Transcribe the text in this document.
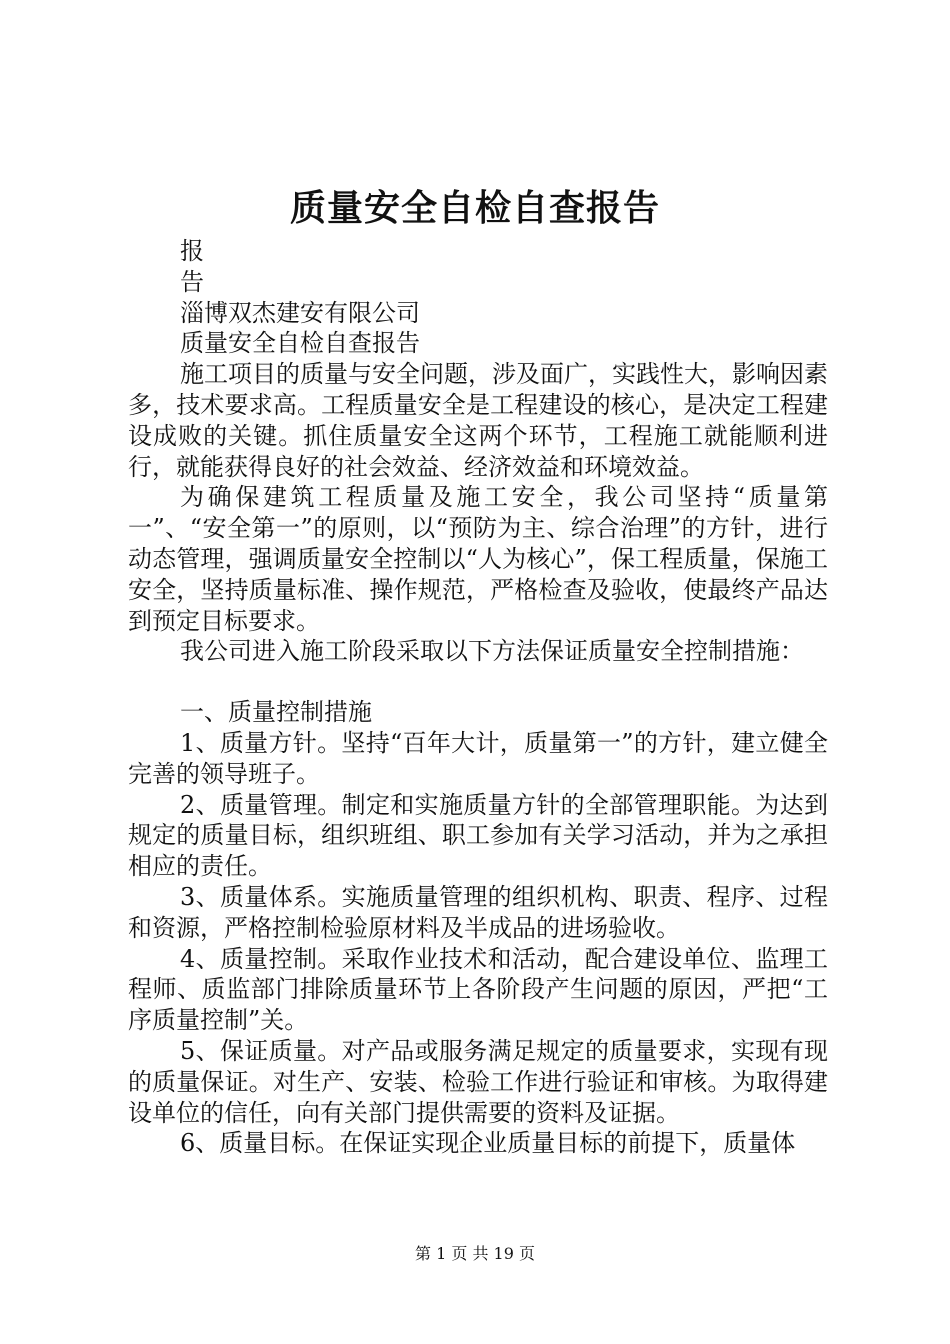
质量安全自检自查报告

报

告

淄博双杰建安有限公司

质量安全自检自查报告

施工项目的质量与安全问题，涉及面广，实践性大，影响因素多，技术要求高。工程质量安全是工程建设的核心，是决定工程建设成败的关键。抓住质量安全这两个环节，工程施工就能顺利进行，就能获得良好的社会效益、经济效益和环境效益。

为确保建筑工程质量及施工安全，我公司坚持“质量第一”、“安全第一”的原则，以“预防为主、综合治理”的方针，进行动态管理，强调质量安全控制以“人为核心”，保工程质量，保施工安全，坚持质量标准、操作规范，严格检查及验收，使最终产品达到预定目标要求。

我公司进入施工阶段采取以下方法保证质量安全控制措施：

一、质量控制措施

1、质量方针。坚持“百年大计，质量第一”的方针，建立健全完善的领导班子。

2、质量管理。制定和实施质量方针的全部管理职能。为达到规定的质量目标，组织班组、职工参加有关学习活动，并为之承担相应的责任。

3、质量体系。实施质量管理的组织机构、职责、程序、过程和资源，严格控制检验原材料及半成品的进场验收。

4、质量控制。采取作业技术和活动，配合建设单位、监理工程师、质监部门排除质量环节上各阶段产生问题的原因，严把“工序质量控制”关。

5、保证质量。对产品或服务满足规定的质量要求，实现有现的质量保证。对生产、安装、检验工作进行验证和审核。为取得建设单位的信任，向有关部门提供需要的资料及证据。

6、质量目标。在保证实现企业质量目标的前提下，质量体

第 1 页 共 19 页
